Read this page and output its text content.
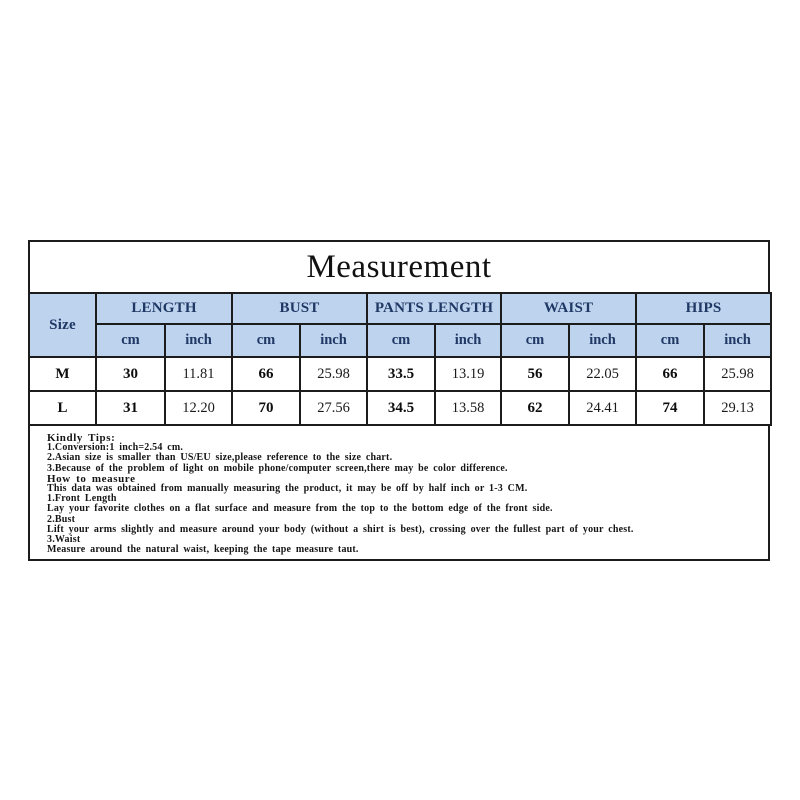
Measurement
Size	LENGTH		BUST		PANTS LENGTH		WAIST		HIPS	
	cm	inch	cm	inch	cm	inch	cm	inch	cm	inch
M	30	11.81	66	25.98	33.5	13.19	56	22.05	66	25.98
L	31	12.20	70	27.56	34.5	13.58	62	24.41	74	29.13
Kindly Tips:
1.Conversion:1 inch=2.54 cm.
2.Asian size is smaller than US/EU size,please reference to the size chart.
3.Because of the problem of light on mobile phone/computer screen,there may be color difference.
How to measure
This data was obtained from manually measuring the product, it may be off by half inch or 1-3 CM.
1.Front Length
Lay your favorite clothes on a flat surface and measure from the top to the bottom edge of the front side.
2.Bust
Lift your arms slightly and measure around your body (without a shirt is best), crossing over the fullest part of your chest.
3.Waist
Measure around the natural waist, keeping the tape measure taut.
